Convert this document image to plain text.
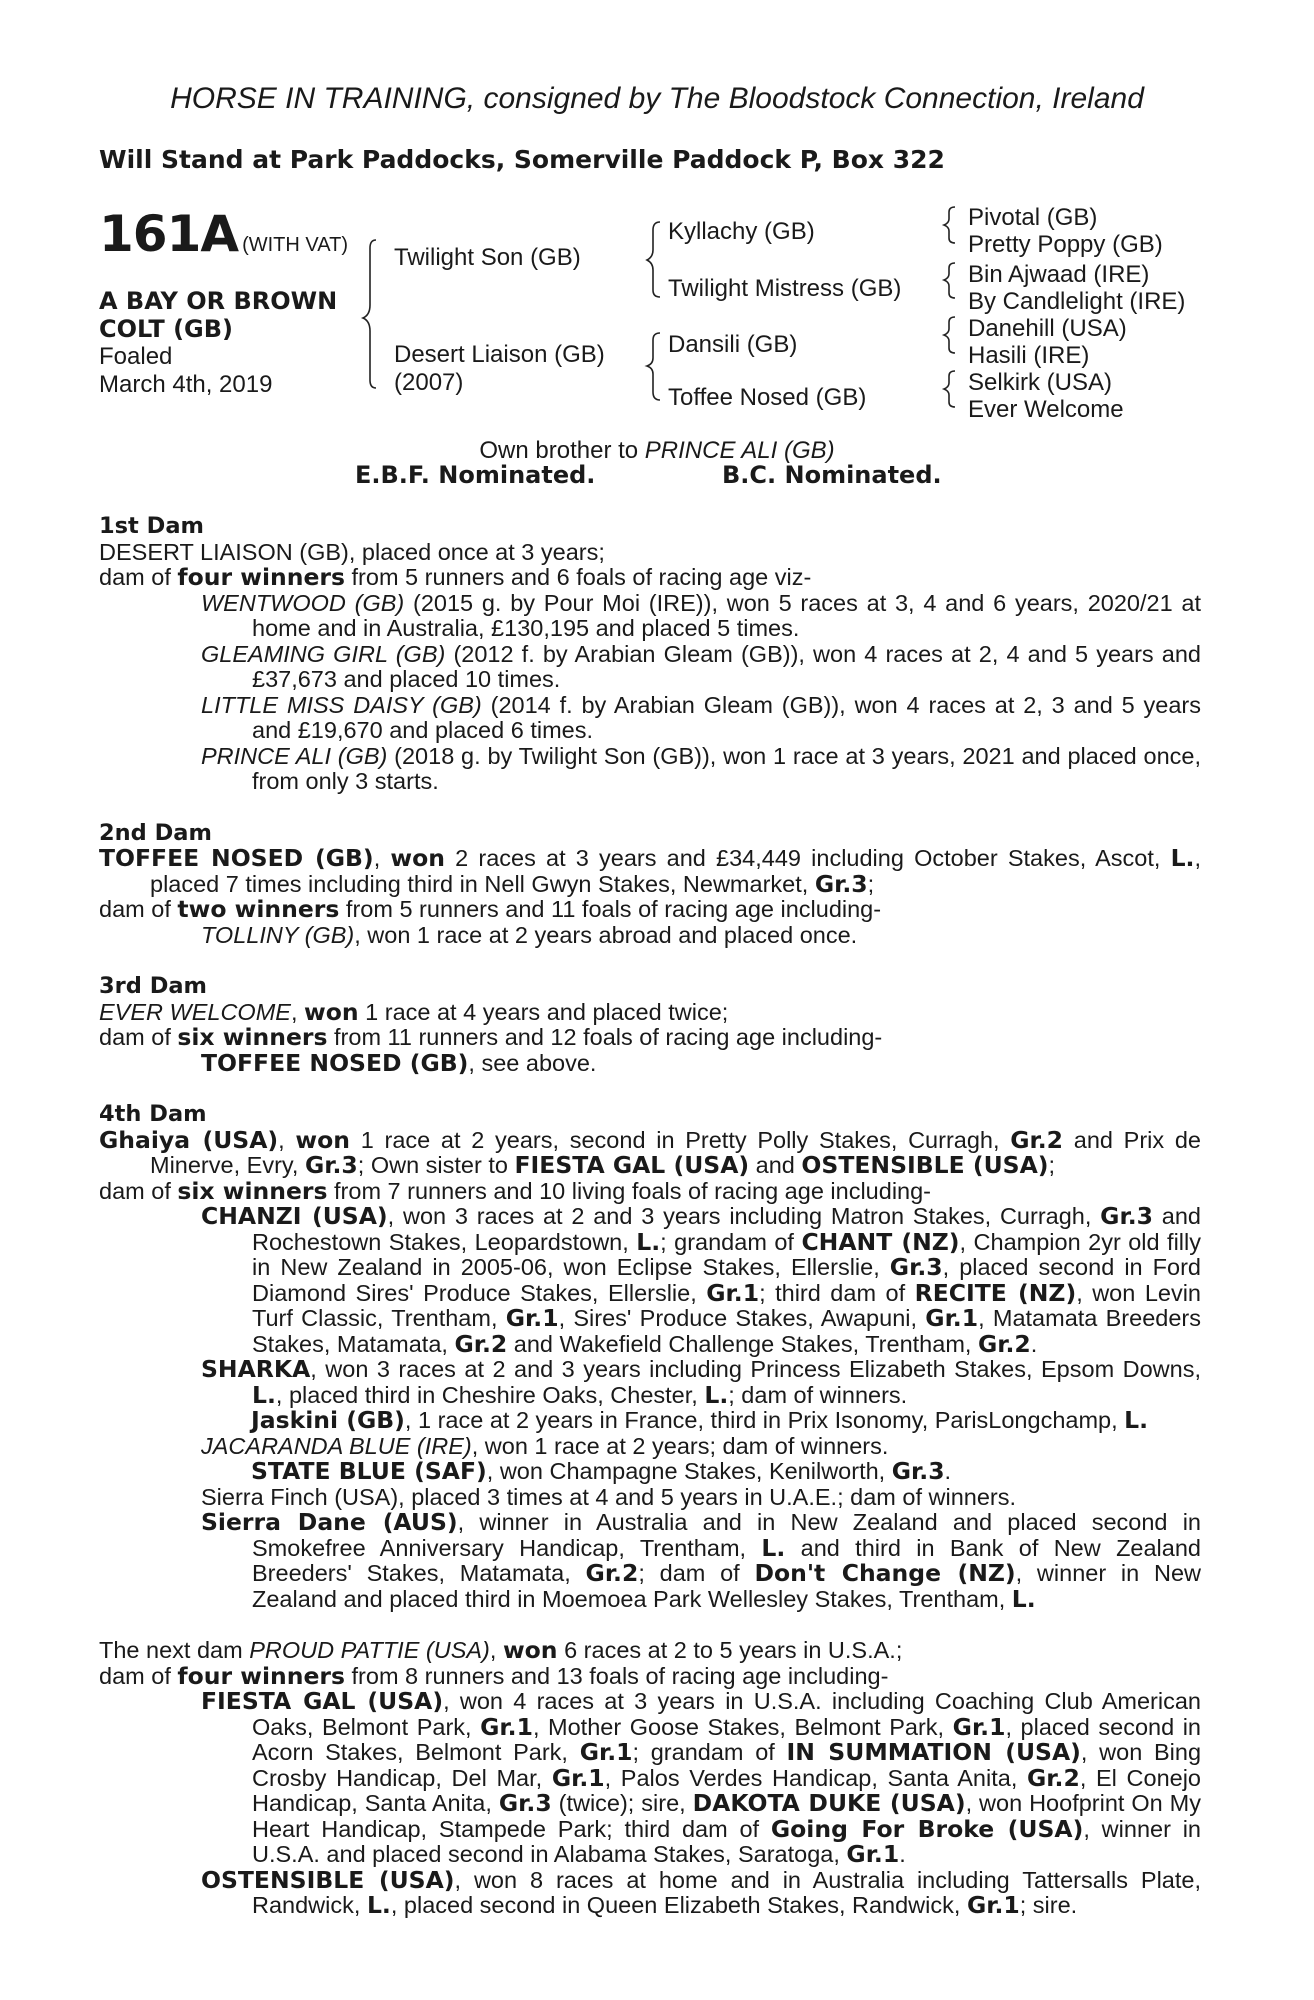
HORSE IN TRAINING, consigned by The Bloodstock Connection, Ireland
Will Stand at Park Paddocks, Somerville Paddock P, Box 322
161A (WITH VAT)
A BAY OR BROWN
COLT (GB)
Foaled
March 4th, 2019
Twilight Son (GB)
Desert Liaison (GB)
(2007)
Kyllachy (GB)
Twilight Mistress (GB)
Dansili (GB)
Toffee Nosed (GB)
Pivotal (GB)
Pretty Poppy (GB)
Bin Ajwaad (IRE)
By Candlelight (IRE)
Danehill (USA)
Hasili (IRE)
Selkirk (USA)
Ever Welcome
Own brother to PRINCE ALI (GB)
E.B.F. Nominated.	B.C. Nominated.

1st Dam

DESERT LIAISON (GB), placed once at 3 years;

dam of four winners from 5 runners and 6 foals of racing age viz-

WENTWOOD (GB) (2015 g. by Pour Moi (IRE)), won 5 races at 3, 4 and 6 years, 2020/21 at home and in Australia, £130,195 and placed 5 times.

GLEAMING GIRL (GB) (2012 f. by Arabian Gleam (GB)), won 4 races at 2, 4 and 5 years and £37,673 and placed 10 times.

LITTLE MISS DAISY (GB) (2014 f. by Arabian Gleam (GB)), won 4 races at 2, 3 and 5 years and £19,670 and placed 6 times.

PRINCE ALI (GB) (2018 g. by Twilight Son (GB)), won 1 race at 3 years, 2021 and placed once, from only 3 starts.

2nd Dam

TOFFEE NOSED (GB), won 2 races at 3 years and £34,449 including October Stakes, Ascot, L., placed 7 times including third in Nell Gwyn Stakes, Newmarket, Gr.3;

dam of two winners from 5 runners and 11 foals of racing age including-

TOLLINY (GB), won 1 race at 2 years abroad and placed once.

3rd Dam

EVER WELCOME, won 1 race at 4 years and placed twice;

dam of six winners from 11 runners and 12 foals of racing age including-

TOFFEE NOSED (GB), see above.

4th Dam

Ghaiya (USA), won 1 race at 2 years, second in Pretty Polly Stakes, Curragh, Gr.2 and Prix de Minerve, Evry, Gr.3; Own sister to FIESTA GAL (USA) and OSTENSIBLE (USA);

dam of six winners from 7 runners and 10 living foals of racing age including-

CHANZI (USA), won 3 races at 2 and 3 years including Matron Stakes, Curragh, Gr.3 and Rochestown Stakes, Leopardstown, L.; grandam of CHANT (NZ), Champion 2yr old filly in New Zealand in 2005-06, won Eclipse Stakes, Ellerslie, Gr.3, placed second in Ford Diamond Sires' Produce Stakes, Ellerslie, Gr.1; third dam of RECITE (NZ), won Levin Turf Classic, Trentham, Gr.1, Sires' Produce Stakes, Awapuni, Gr.1, Matamata Breeders Stakes, Matamata, Gr.2 and Wakefield Challenge Stakes, Trentham, Gr.2.

SHARKA, won 3 races at 2 and 3 years including Princess Elizabeth Stakes, Epsom Downs, L., placed third in Cheshire Oaks, Chester, L.; dam of winners.

Jaskini (GB), 1 race at 2 years in France, third in Prix Isonomy, ParisLongchamp, L.

JACARANDA BLUE (IRE), won 1 race at 2 years; dam of winners.

STATE BLUE (SAF), won Champagne Stakes, Kenilworth, Gr.3.

Sierra Finch (USA), placed 3 times at 4 and 5 years in U.A.E.; dam of winners.

Sierra Dane (AUS), winner in Australia and in New Zealand and placed second in Smokefree Anniversary Handicap, Trentham, L. and third in Bank of New Zealand Breeders' Stakes, Matamata, Gr.2; dam of Don't Change (NZ), winner in New Zealand and placed third in Moemoea Park Wellesley Stakes, Trentham, L.

The next dam PROUD PATTIE (USA), won 6 races at 2 to 5 years in U.S.A.;

dam of four winners from 8 runners and 13 foals of racing age including-

FIESTA GAL (USA), won 4 races at 3 years in U.S.A. including Coaching Club American Oaks, Belmont Park, Gr.1, Mother Goose Stakes, Belmont Park, Gr.1, placed second in Acorn Stakes, Belmont Park, Gr.1; grandam of IN SUMMATION (USA), won Bing Crosby Handicap, Del Mar, Gr.1, Palos Verdes Handicap, Santa Anita, Gr.2, El Conejo Handicap, Santa Anita, Gr.3 (twice); sire, DAKOTA DUKE (USA), won Hoofprint On My Heart Handicap, Stampede Park; third dam of Going For Broke (USA), winner in U.S.A. and placed second in Alabama Stakes, Saratoga, Gr.1.

OSTENSIBLE (USA), won 8 races at home and in Australia including Tattersalls Plate, Randwick, L., placed second in Queen Elizabeth Stakes, Randwick, Gr.1; sire.
